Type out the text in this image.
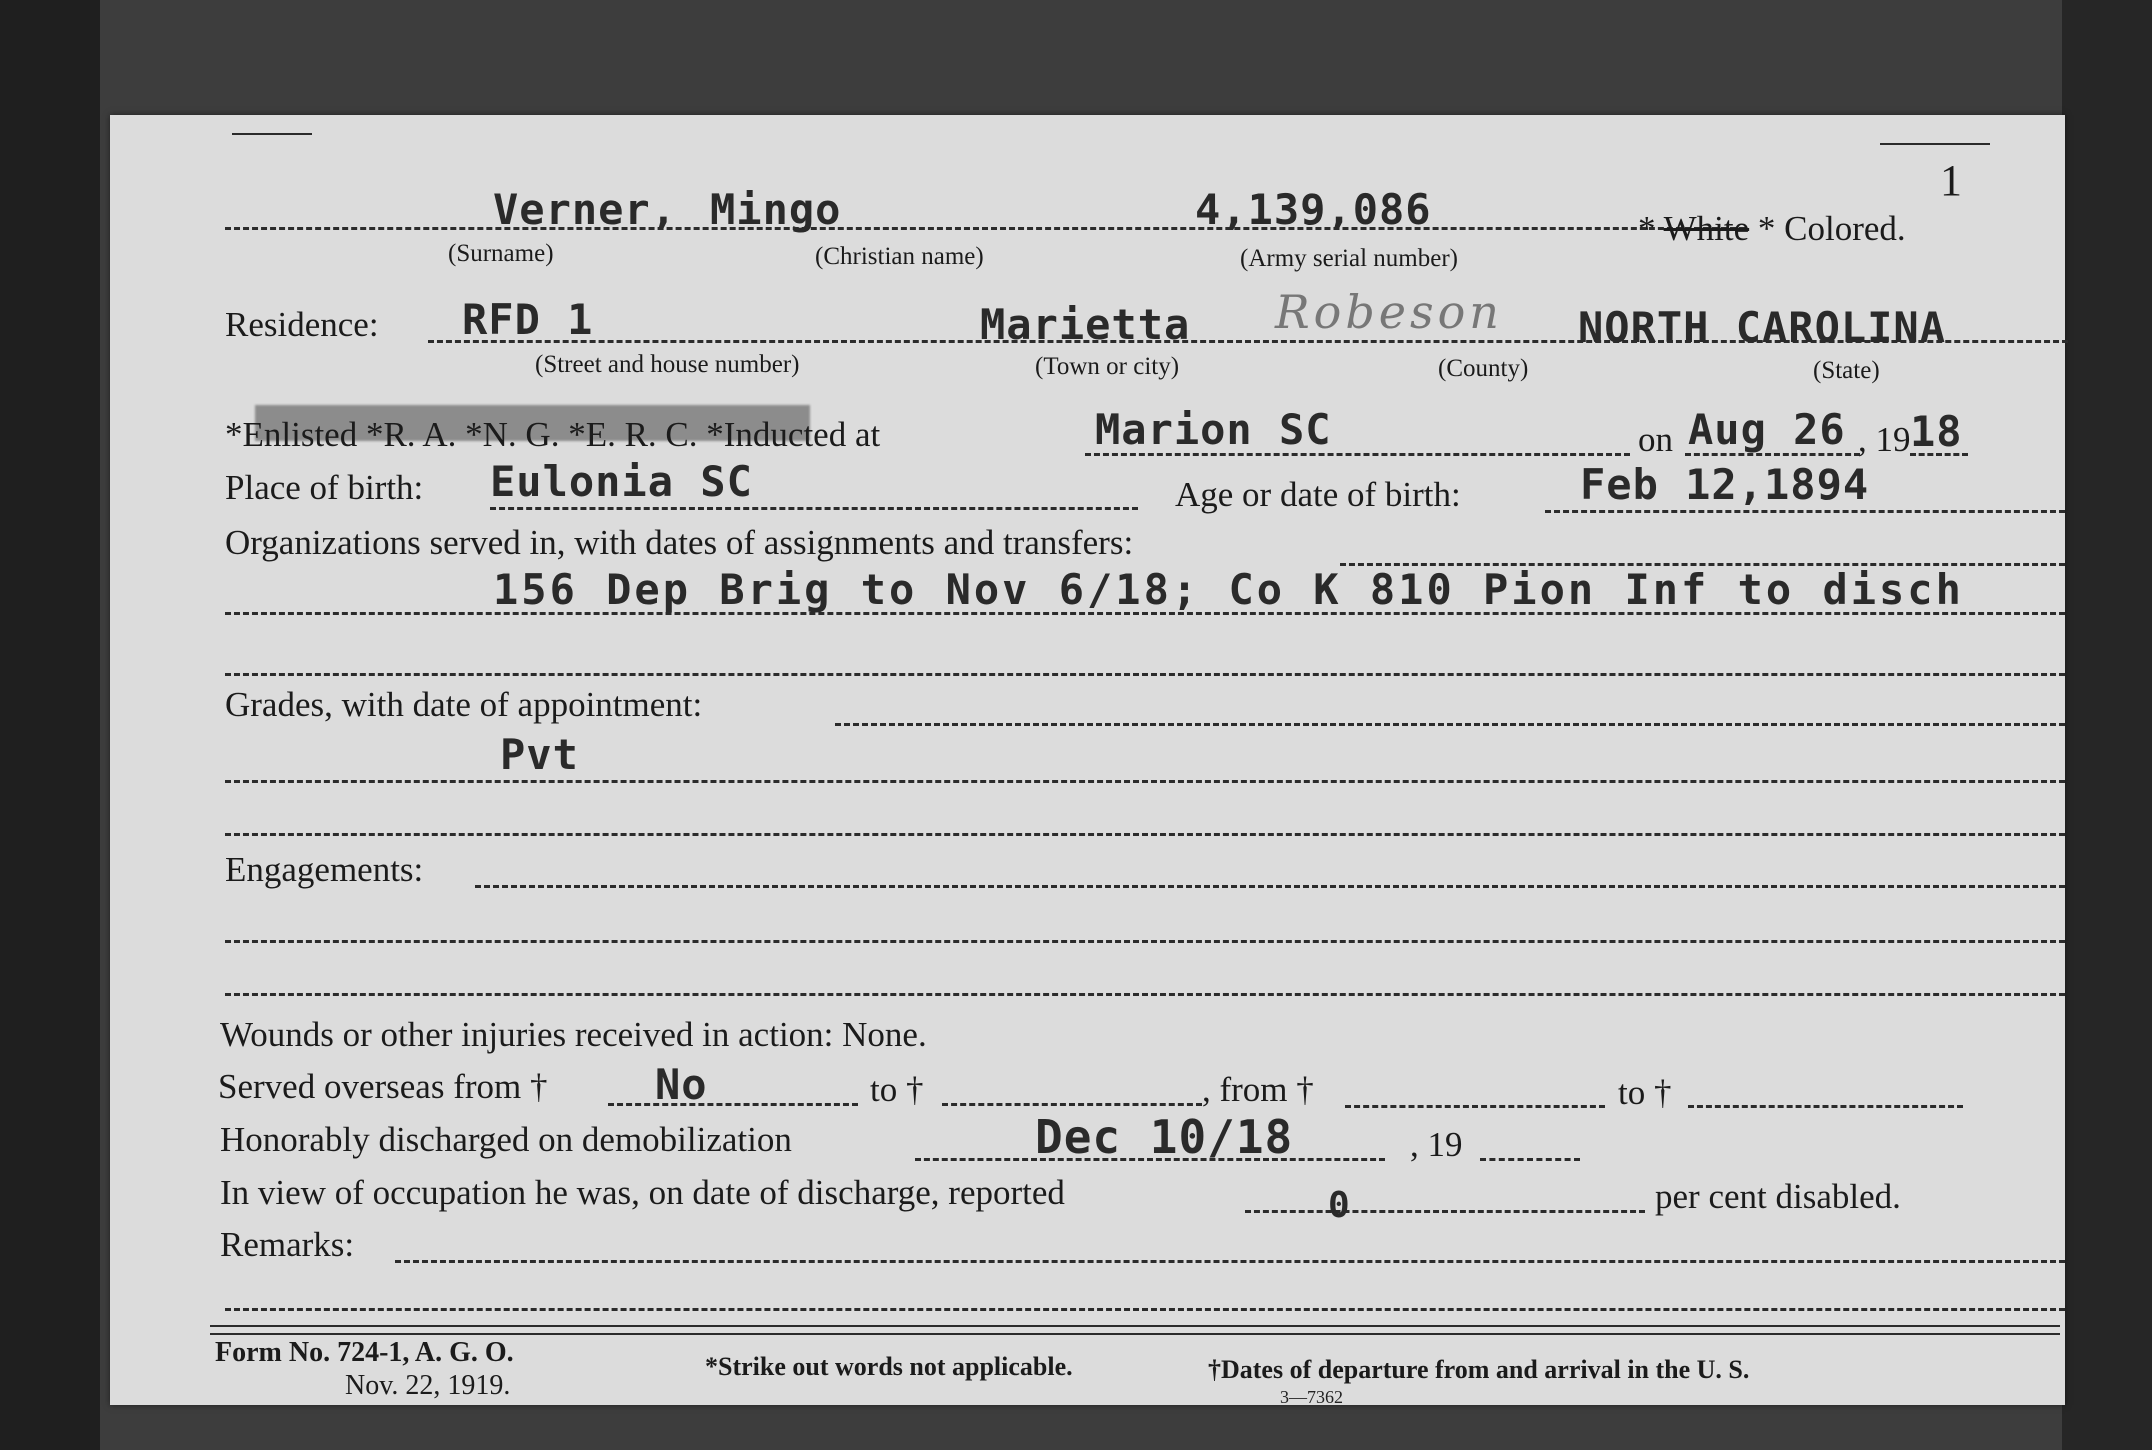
1
Verner, Mingo	4,139,086
(Surname)	(Christian name)	(Army serial number)
* White * Colored.
Residence: RFD 1	Marietta Robeson NORTH CAROLINA
(Street and house number)	(Town or city)	(County)	(State)
*Enlisted *R. A. *N. G. *E. R. C. *Inducted at	Marion SC	on Aug 26 , 19 18
Place of birth: Eulonia SC	Age or date of birth:	Feb 12,1894
Organizations served in, with dates of assignments and transfers:
156 Dep Brig to Nov 6/18; Co K 810 Pion Inf to disch
Grades, with date of appointment:
Pvt
Engagements:
Wounds or other injuries received in action: None.
Served overseas from †	No	to †	, from †	to †
Honorably discharged on demobilization	Dec 10/18	, 19
In view of occupation he was, on date of discharge, reported	0	per cent disabled.
Remarks:
Form No. 724-1, A. G. O.
Nov. 22, 1919.
*Strike out words not applicable.	†Dates of departure from and arrival in the U. S.
3—7362
